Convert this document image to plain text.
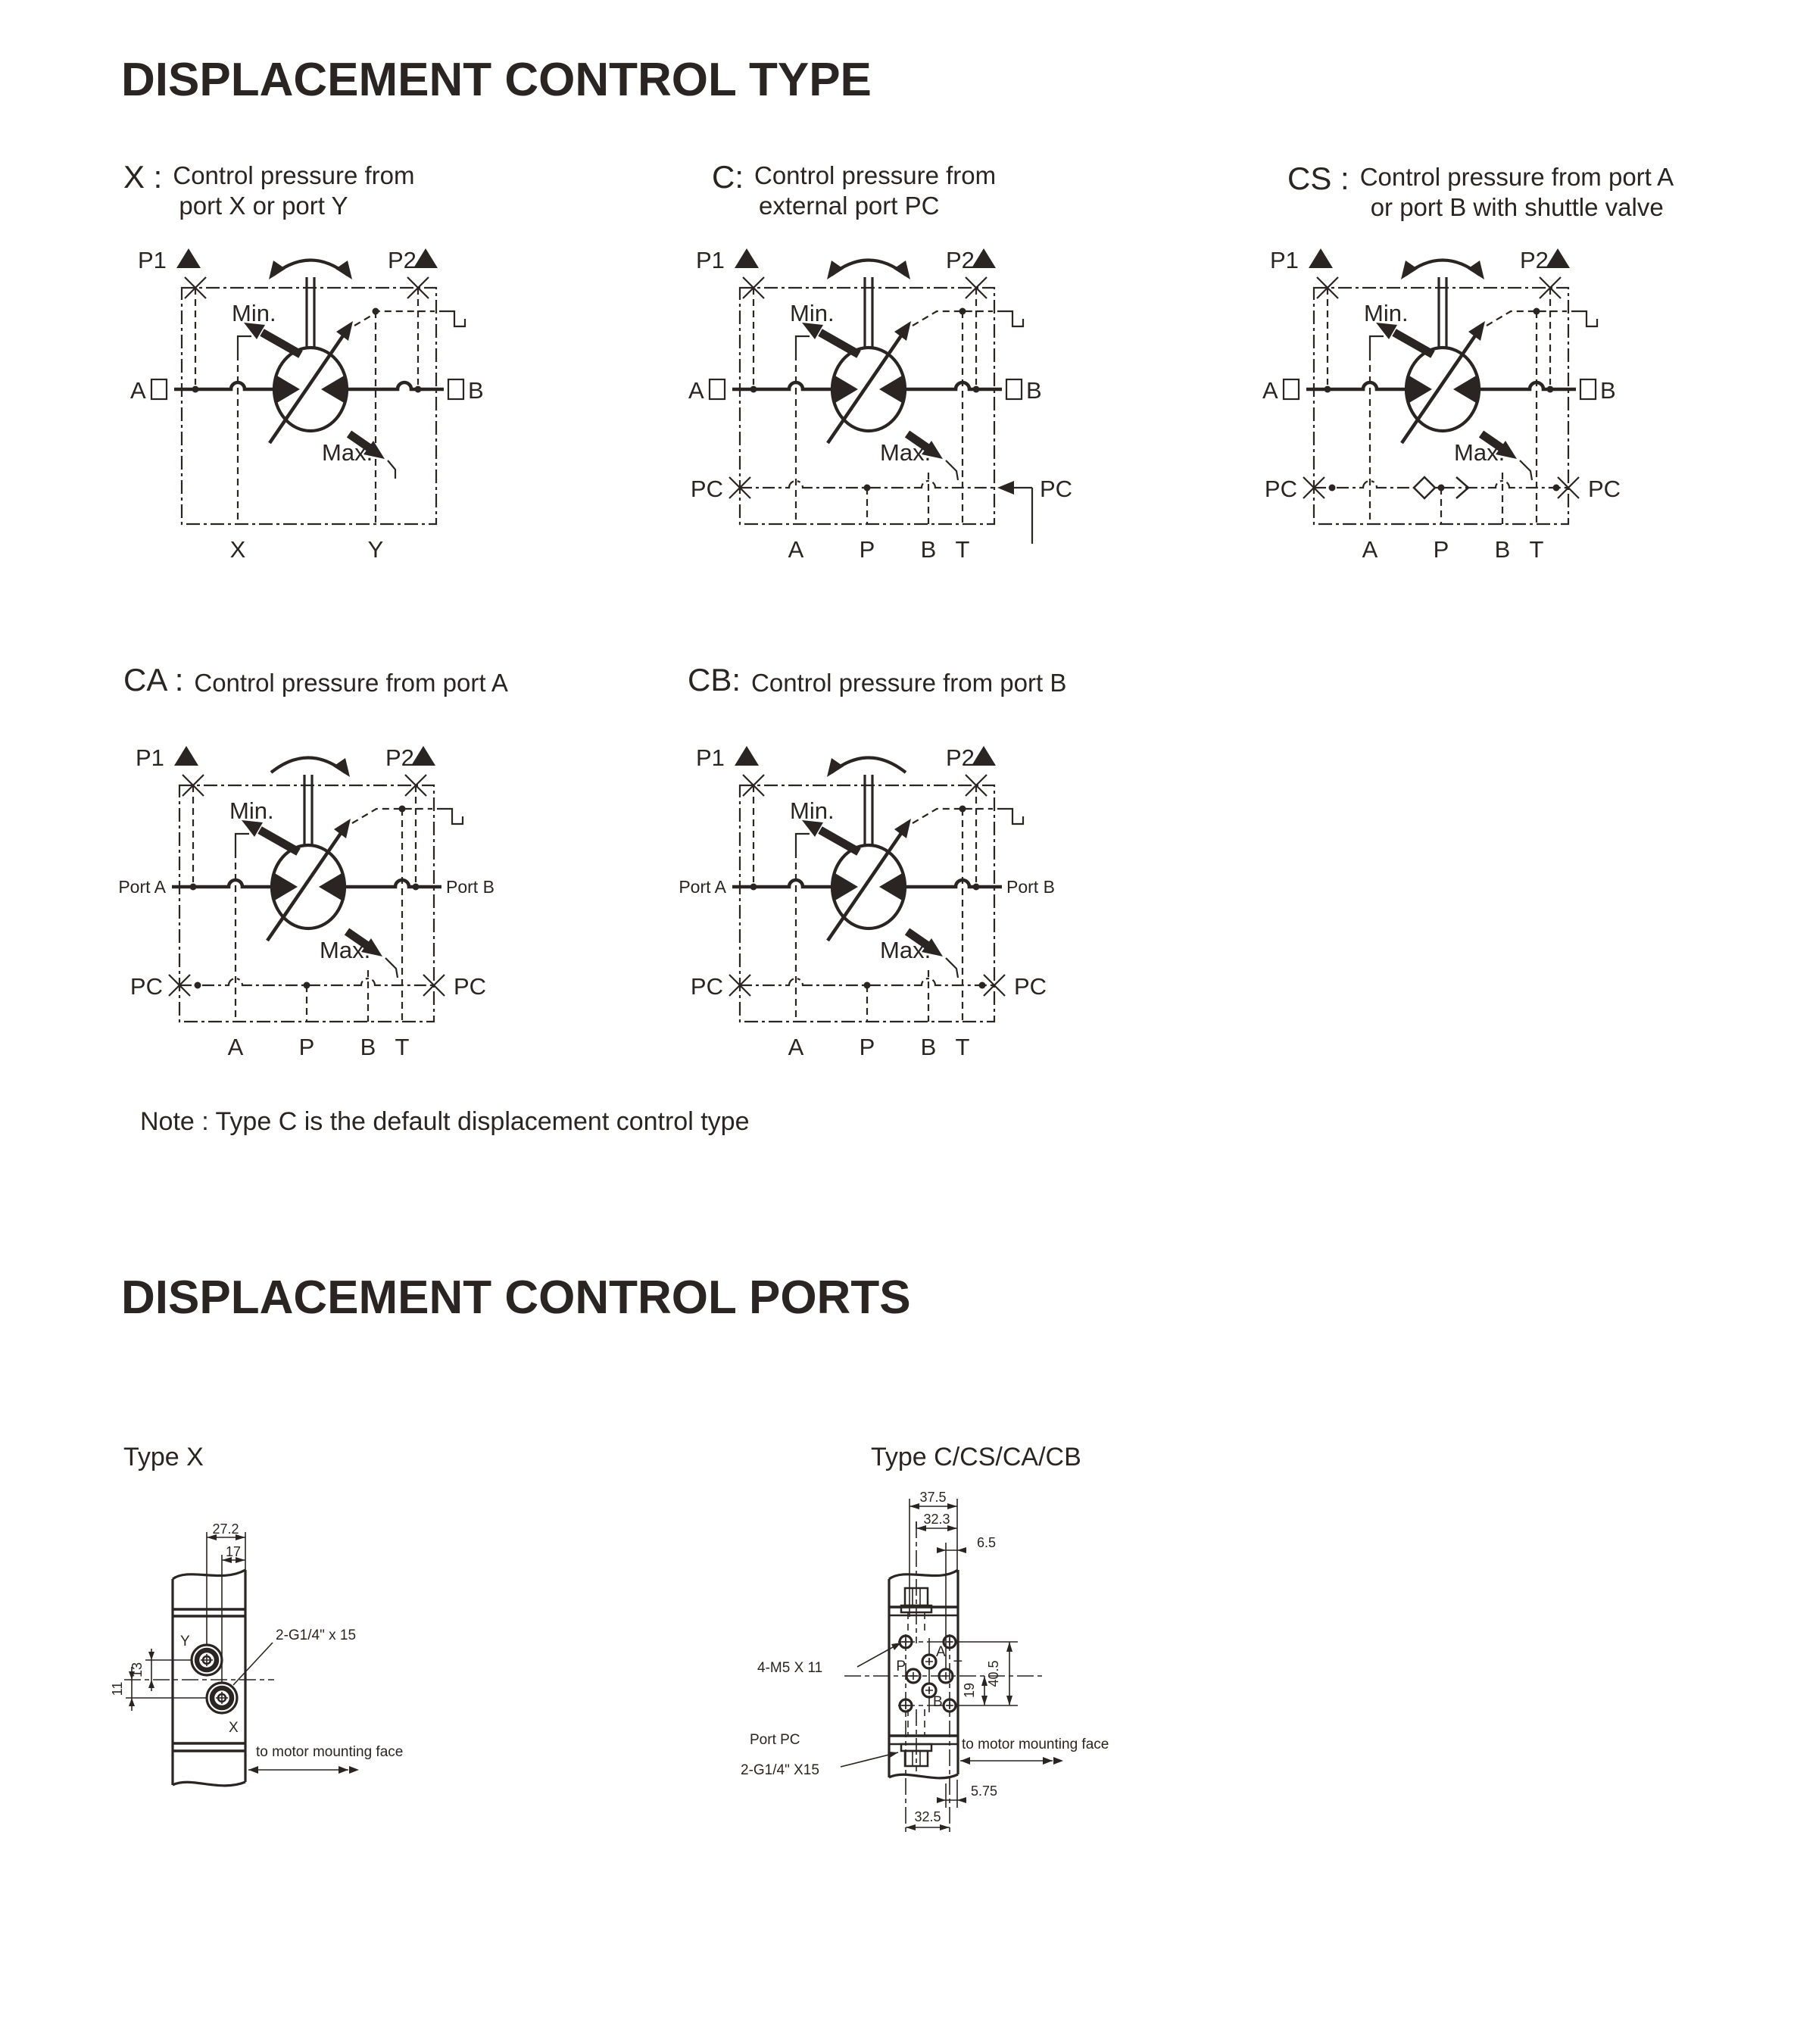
DISPLACEMENT CONTROL TYPE
X : Control pressure from
port X or port Y
C: Control pressure from
external port PC
CS : Control pressure from port A
or port B with shuttle valve
P1	P2
Min.
Max.
A	B
X	Y
P1	P2
Min.
Max.
A	B
PC	PC
A P B T
P1	P2
Min.
Max.
A	B
PC	PC
A P B T
CA : Control pressure from port A	CB: Control pressure from port B
P1	P2
Min.
Max.
Port A	Port B
PC	PC
A P B T
P1	P2
Min.
Max.
Port A	Port B
PC	PC
A P B T
Note : Type C is the default displacement control type
DISPLACEMENT CONTROL PORTS
Type X	Type C/CS/CA/CB
27.2
17
13
11
Y
X
2-G1/4" x 15
to motor mounting face
37.5
32.3
6.5
40.5
19
5.75
32.5
4-M5 X 11
A
P	T
B
Port PC
2-G1/4" X15
to motor mounting face
